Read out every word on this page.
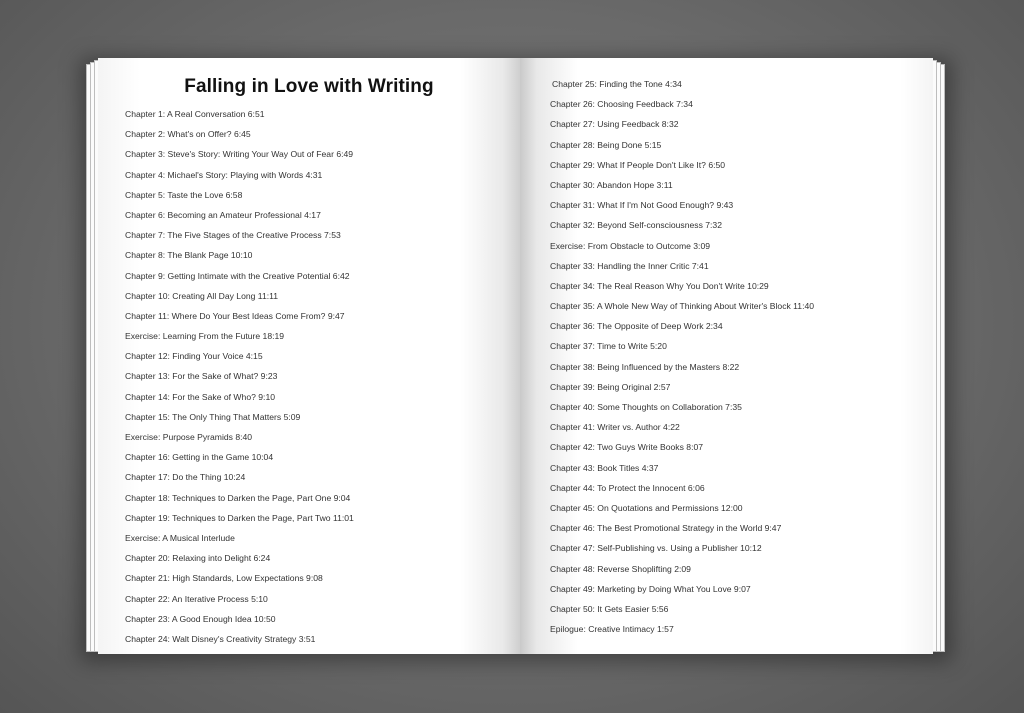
Falling in Love with Writing
Chapter 1: A Real Conversation 6:51
Chapter 2: What's on Offer? 6:45
Chapter 3: Steve's Story: Writing Your Way Out of Fear 6:49
Chapter 4: Michael's Story: Playing with Words 4:31
Chapter 5: Taste the Love 6:58
Chapter 6: Becoming an Amateur Professional 4:17
Chapter 7: The Five Stages of the Creative Process 7:53
Chapter 8: The Blank Page 10:10
Chapter 9: Getting Intimate with the Creative Potential 6:42
Chapter 10: Creating All Day Long 11:11
Chapter 11: Where Do Your Best Ideas Come From? 9:47
Exercise: Learning From the Future 18:19
Chapter 12: Finding Your Voice 4:15
Chapter 13: For the Sake of What? 9:23
Chapter 14: For the Sake of Who? 9:10
Chapter 15: The Only Thing That Matters 5:09
Exercise: Purpose Pyramids 8:40
Chapter 16: Getting in the Game 10:04
Chapter 17: Do the Thing 10:24
Chapter 18: Techniques to Darken the Page, Part One 9:04
Chapter 19: Techniques to Darken the Page, Part Two 11:01
Exercise: A Musical Interlude
Chapter 20: Relaxing into Delight 6:24
Chapter 21: High Standards, Low Expectations 9:08
Chapter 22: An Iterative Process 5:10
Chapter 23: A Good Enough Idea 10:50
Chapter 24: Walt Disney's Creativity Strategy 3:51
Chapter 25: Finding the Tone 4:34
Chapter 26: Choosing Feedback 7:34
Chapter 27: Using Feedback 8:32
Chapter 28: Being Done 5:15
Chapter 29: What If People Don't Like It? 6:50
Chapter 30: Abandon Hope 3:11
Chapter 31: What If I'm Not Good Enough? 9:43
Chapter 32: Beyond Self-consciousness 7:32
Exercise: From Obstacle to Outcome 3:09
Chapter 33: Handling the Inner Critic 7:41
Chapter 34: The Real Reason Why You Don't Write 10:29
Chapter 35: A Whole New Way of Thinking About Writer's Block 11:40
Chapter 36: The Opposite of Deep Work 2:34
Chapter 37: Time to Write 5:20
Chapter 38: Being Influenced by the Masters 8:22
Chapter 39: Being Original 2:57
Chapter 40: Some Thoughts on Collaboration 7:35
Chapter 41: Writer vs. Author 4:22
Chapter 42: Two Guys Write Books 8:07
Chapter 43: Book Titles 4:37
Chapter 44: To Protect the Innocent 6:06
Chapter 45: On Quotations and Permissions 12:00
Chapter 46: The Best Promotional Strategy in the World 9:47
Chapter 47: Self-Publishing vs. Using a Publisher 10:12
Chapter 48: Reverse Shoplifting 2:09
Chapter 49: Marketing by Doing What You Love 9:07
Chapter 50: It Gets Easier 5:56
Epilogue: Creative Intimacy 1:57
